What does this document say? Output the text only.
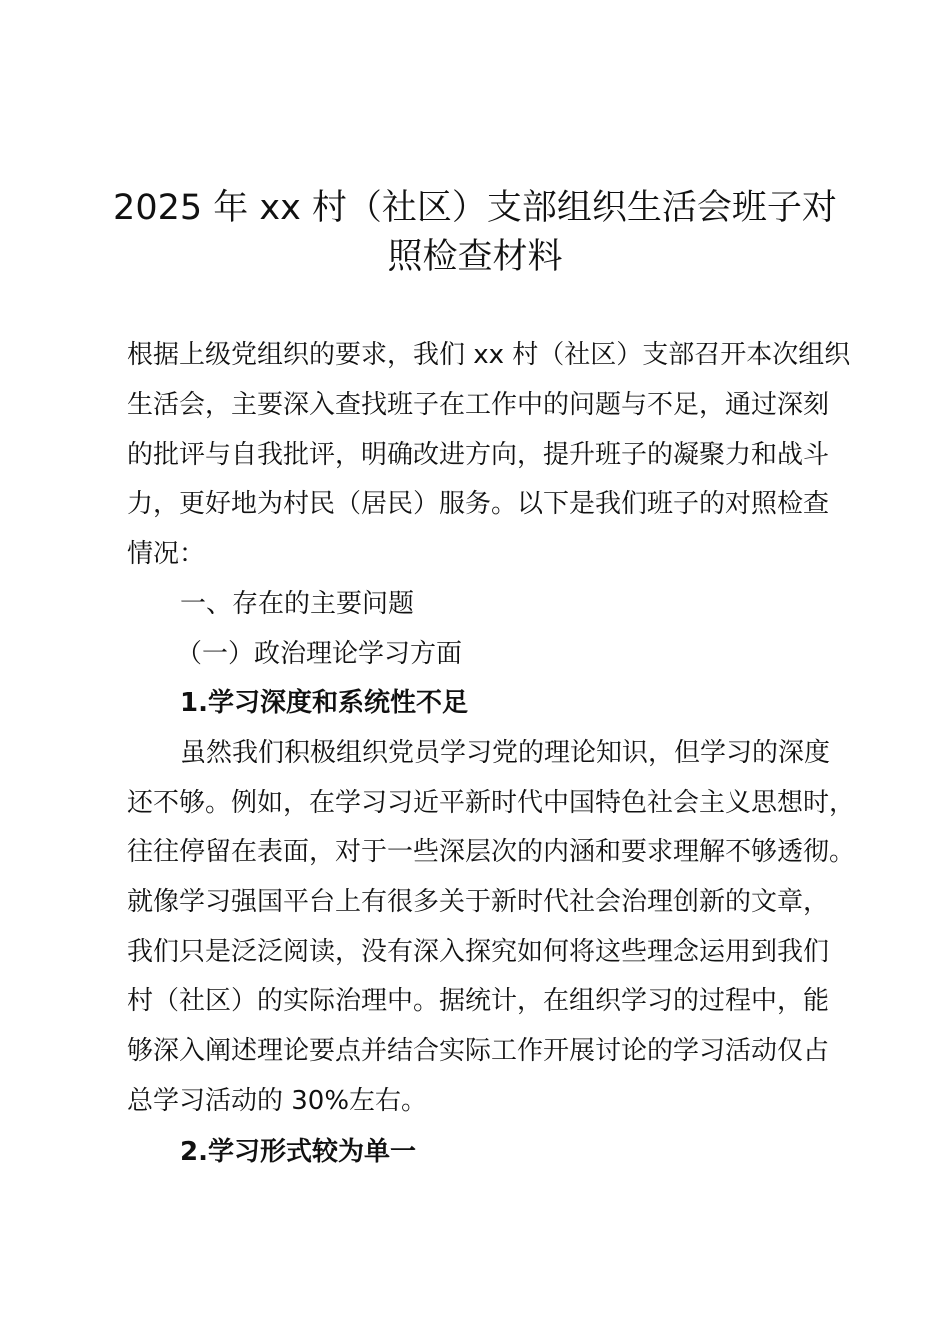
2025 年 xx 村（社区）支部组织生活会班子对
照检查材料
根据上级党组织的要求，我们 xx 村（社区）支部召开本次组织
生活会，主要深入查找班子在工作中的问题与不足，通过深刻
的批评与自我批评，明确改进方向，提升班子的凝聚力和战斗
力，更好地为村民（居民）服务。以下是我们班子的对照检查
情况：
一、存在的主要问题
（一）政治理论学习方面
1.学习深度和系统性不足
虽然我们积极组织党员学习党的理论知识，但学习的深度
还不够。例如，在学习习近平新时代中国特色社会主义思想时，
往往停留在表面，对于一些深层次的内涵和要求理解不够透彻。
就像学习强国平台上有很多关于新时代社会治理创新的文章，
我们只是泛泛阅读，没有深入探究如何将这些理念运用到我们
村（社区）的实际治理中。据统计，在组织学习的过程中，能
够深入阐述理论要点并结合实际工作开展讨论的学习活动仅占
总学习活动的 30%左右。
2.学习形式较为单一
